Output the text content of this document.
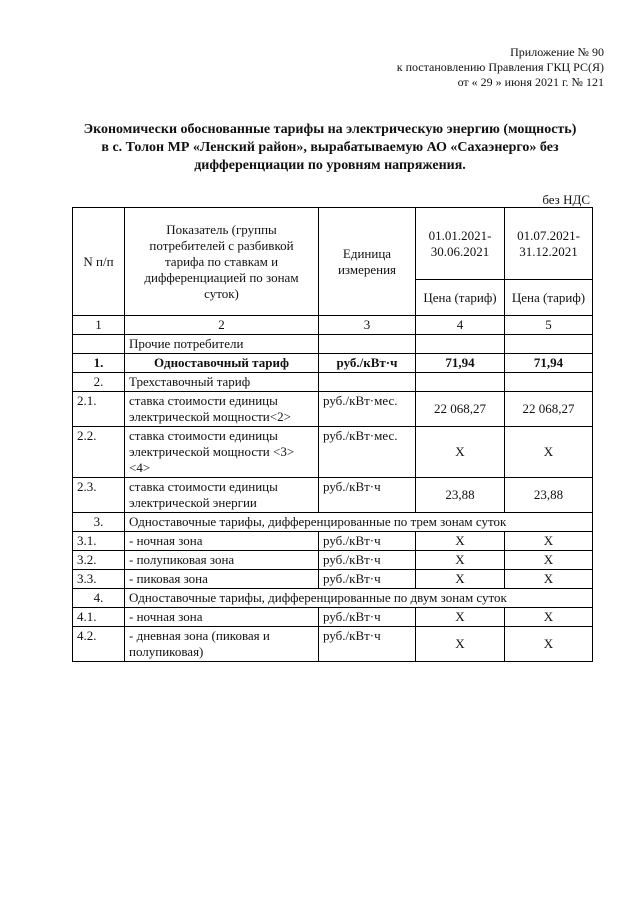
Приложение № 90
к постановлению Правления ГКЦ РС(Я)
от « 29 » июня 2021 г. № 121
Экономически обоснованные тарифы на электрическую энергию (мощность)
в с. Толон МР «Ленский район», вырабатываемую АО «Сахаэнерго» без
дифференциации по уровням напряжения.
без НДС
N п/п	Показатель (группы потребителей с разбивкой тарифа по ставкам и дифференциацией по зонам суток)	Единица измерения	01.01.2021-30.06.2021	01.07.2021-31.12.2021
			Цена (тариф)	Цена (тариф)
1	2	3	4	5
	Прочие потребители			
1.	Одноставочный тариф	руб./кВт·ч	71,94	71,94
2.	Трехставочный тариф			
2.1.	ставка стоимости единицы электрической мощности<2>	руб./кВт·мес.	22 068,27	22 068,27
2.2.	ставка стоимости единицы электрической мощности <3><4>	руб./кВт·мес.	Х	Х
2.3.	ставка стоимости единицы электрической энергии	руб./кВт·ч	23,88	23,88
3.	Одноставочные тарифы, дифференцированные по трем зонам суток			
3.1.	- ночная зона	руб./кВт·ч	Х	Х
3.2.	- полупиковая зона	руб./кВт·ч	Х	Х
3.3.	- пиковая зона	руб./кВт·ч	Х	Х
4.	Одноставочные тарифы, дифференцированные по двум зонам суток			
4.1.	- ночная зона	руб./кВт·ч	Х	Х
4.2.	- дневная зона (пиковая и полупиковая)	руб./кВт·ч	Х	Х
